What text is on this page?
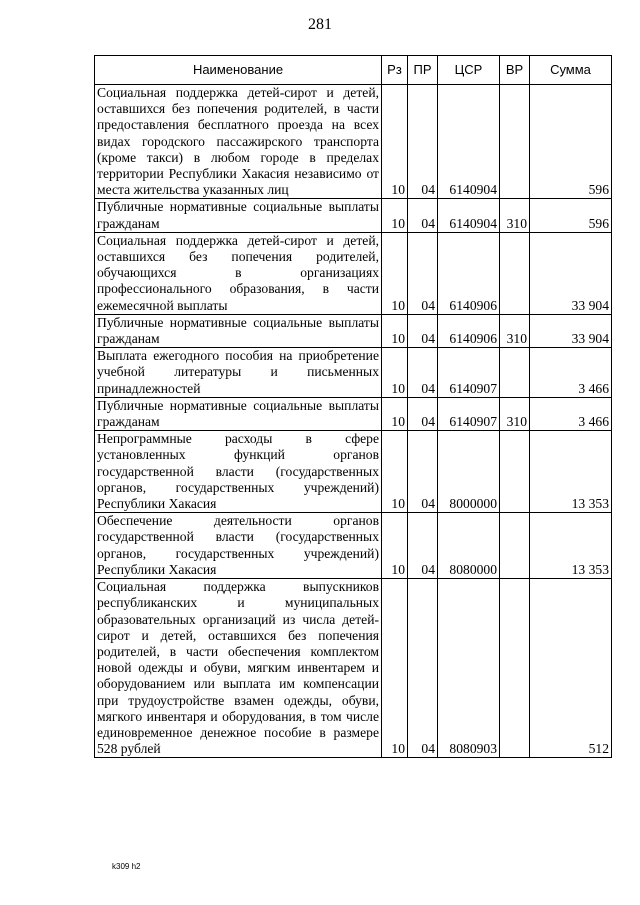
281
Наименование	Рз	ПР	ЦСР	ВР	Сумма
Социальная поддержка детей-сирот и детей, оставшихся без попечения родителей, в части предоставления бесплатного проезда на всех видах городского пассажирского транспорта (кроме такси) в любом городе в пределах территории Республики Хакасия независимо от места жительства указанных лиц	10	04	6140904		596
Публичные нормативные социальные выплаты гражданам	10	04	6140904	310	596
Социальная поддержка детей-сирот и детей, оставшихся без попечения родителей, обучающихся в организациях профессионального образования, в части ежемесячной выплаты	10	04	6140906		33 904
Публичные нормативные социальные выплаты гражданам	10	04	6140906	310	33 904
Выплата ежегодного пособия на приобретение учебной литературы и письменных принадлежностей	10	04	6140907		3 466
Публичные нормативные социальные выплаты гражданам	10	04	6140907	310	3 466
Непрограммные расходы в сфере установленных функций органов государственной власти (государственных органов, государственных учреждений) Республики Хакасия	10	04	8000000		13 353
Обеспечение деятельности органов государственной власти (государственных органов, государственных учреждений) Республики Хакасия	10	04	8080000		13 353
Социальная поддержка выпускников республиканских и муниципальных образовательных организаций из числа детей-сирот и детей, оставшихся без попечения родителей, в части обеспечения комплектом новой одежды и обуви, мягким инвентарем и оборудованием или выплата им компенсации при трудоустройстве взамен одежды, обуви, мягкого инвентаря и оборудования, в том числе единовременное денежное пособие в размере 528 рублей	10	04	8080903		512
k309 h2
